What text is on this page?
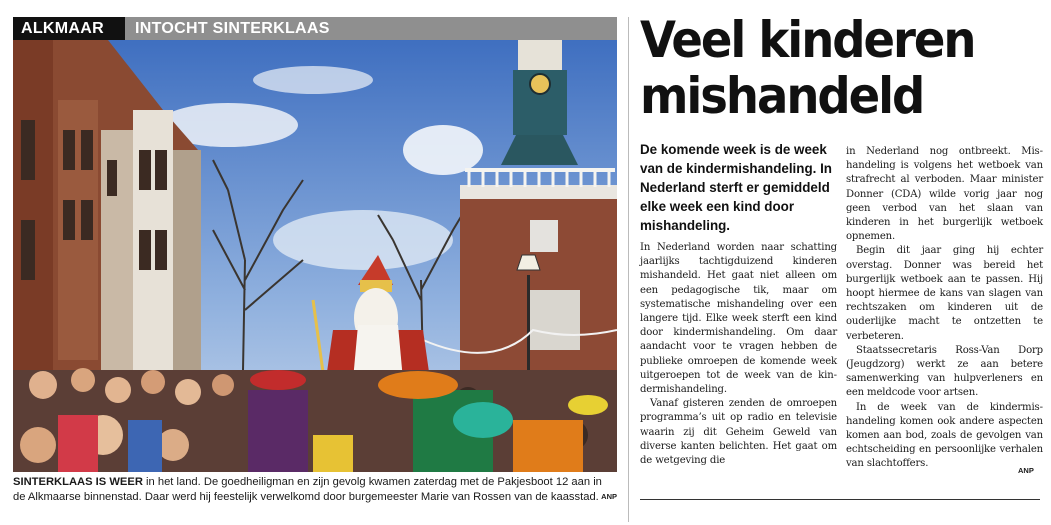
ALKMAAR	INTOCHT SINTERKLAAS
SINTERKLAAS IS WEER in het land. De goedheiligman en zijn gevolg kwamen zaterdag met de Pakjesboot 12 aan in de Alkmaarse binnenstad. Daar werd hij feestelijk verwelkomd door burgemeester Marie van Rossen van de kaasstad. ANP
Veel kinderen mishandeld

De komende week is de week van de kindermishandeling. In Nederland sterft er gemiddeld elke week een kind door mishandeling.

In Nederland worden naar schatting jaarlijks tachtigduizend kinderen mishandeld. Het gaat niet alleen om een pedagogische tik, maar om systematische mishandeling over een langere tijd. Elke week sterft een kind door kindermishandeling. Om daar aandacht voor te vragen hebben de publieke omroepen de komende week uitgeroepen tot de week van de kindermishandeling.

Vanaf gisteren zenden de omroepen programma’s uit op radio en televisie waarin zij dit Geheim Geweld van diverse kanten belichten. Het gaat om de wetgeving die

in Nederland nog ontbreekt. Mishandeling is volgens het wetboek van strafrecht al verboden. Maar minister Donner (CDA) wilde vorig jaar nog geen verbod van het slaan van kinderen in het burgerlijk wetboek opnemen.

Begin dit jaar ging hij echter overstag. Donner was bereid het burgerlijk wetboek aan te passen. Hij hoopt hiermee de kans van slagen van rechtszaken om kinderen uit de ouderlijke macht te ontzetten te verbeteren.

Staatssecretaris Ross-Van Dorp (Jeugdzorg) werkt ze aan betere samenwerking van hulpverleners en een meldcode voor artsen.

In de week van de kindermishandeling komen ook andere aspecten komen aan bod, zoals de gevolgen van echtscheiding en persoonlijke verhalen van slachtoffers.

ANP
